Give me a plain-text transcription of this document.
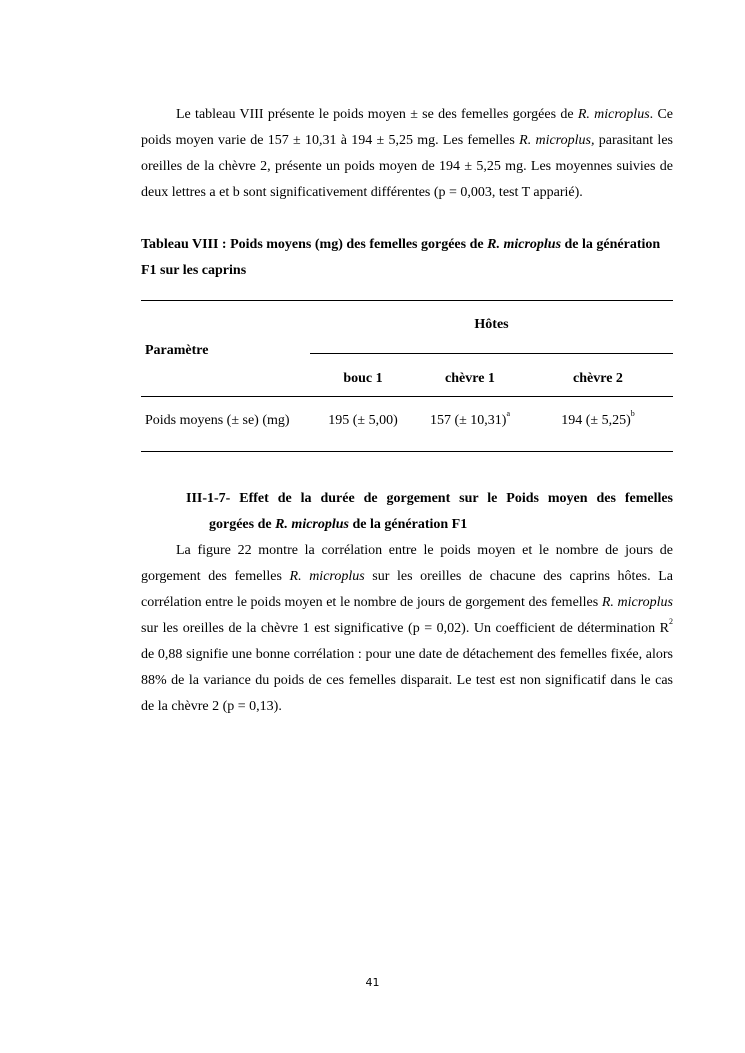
Le tableau VIII présente le poids moyen ± se des femelles gorgées de R. microplus. Ce poids moyen varie de 157 ± 10,31 à 194 ± 5,25 mg. Les femelles R. microplus, parasitant les oreilles de la chèvre 2, présente un poids moyen de 194 ± 5,25 mg. Les moyennes suivies de deux lettres a et b sont significativement différentes (p = 0,003, test T apparié).

Tableau VIII : Poids moyens (mg) des femelles gorgées de R. microplus de la génération F1 sur les caprins

Hôtes
Paramètre
bouc 1	chèvre 1	chèvre 2
Poids moyens (± se) (mg)	195 (± 5,00)	157 (± 10,31)$^a$	194 (± 5,25)$^b$
III-1-7- Effet de la durée de gorgement sur le Poids moyen des femelles
gorgées de R. microplus de la génération F1

La figure 22 montre la corrélation entre le poids moyen et le nombre de jours de gorgement des femelles R. microplus sur les oreilles de chacune des caprins hôtes. La corrélation entre le poids moyen et le nombre de jours de gorgement des femelles R. microplus sur les oreilles de la chèvre 1 est significative (p = 0,02). Un coefficient de détermination $R^2$ de 0,88 signifie une bonne corrélation : pour une date de détachement des femelles fixée, alors 88% de la variance du poids de ces femelles disparait. Le test est non significatif dans le cas de la chèvre 2 (p = 0,13).

41
